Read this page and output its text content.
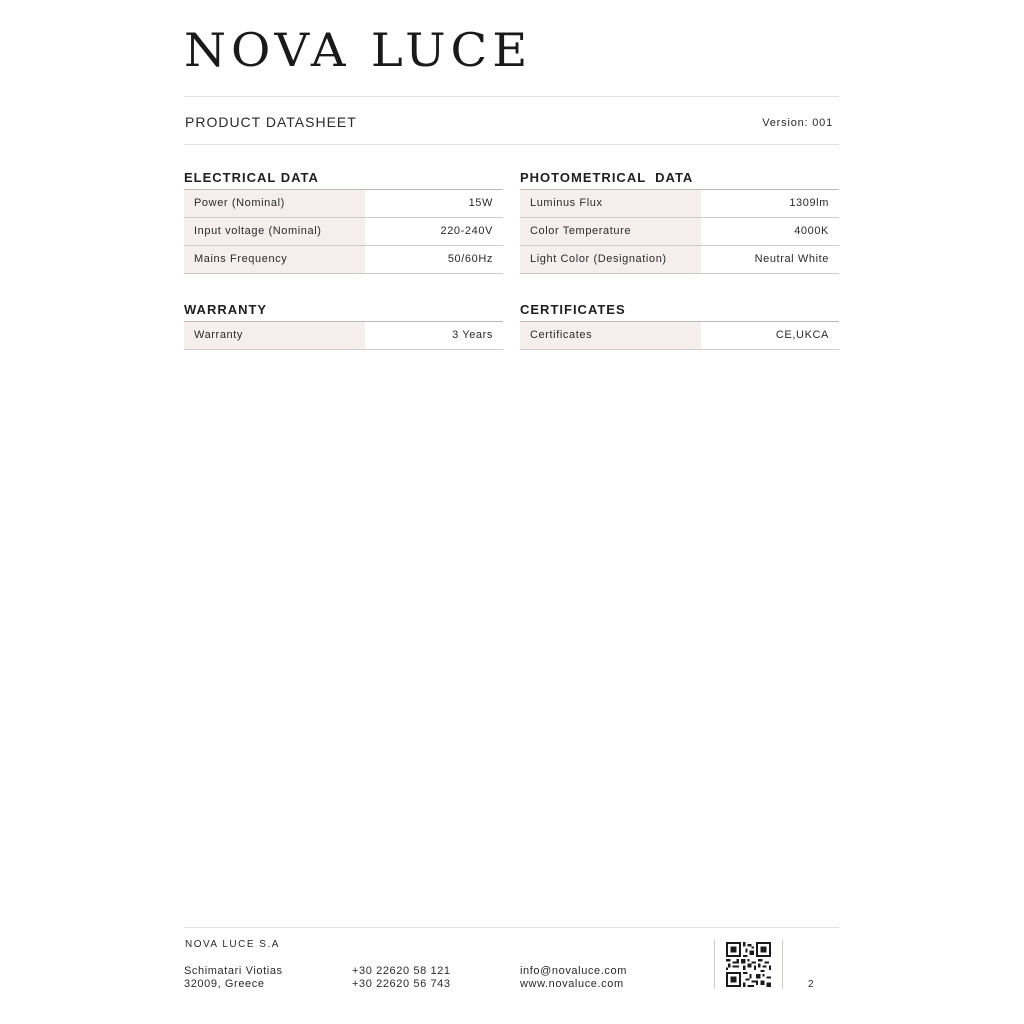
NOVA LUCE
PRODUCT DATASHEET	Version: 001
ELECTRICAL DATA
Power (Nominal)	15W
Input voltage (Nominal)	220-240V
Mains Frequency	50/60Hz
PHOTOMETRICAL  DATA
Luminus Flux	1309lm
Color Temperature	4000K
Light Color (Designation)	Neutral White
WARRANTY
Warranty	3 Years
CERTIFICATES
Certificates	CE,UKCA
NOVA LUCE S.A
Schimatari Viotias
32009, Greece
+30 22620 58 121
+30 22620 56 743
info@novaluce.com
www.novaluce.com	2
